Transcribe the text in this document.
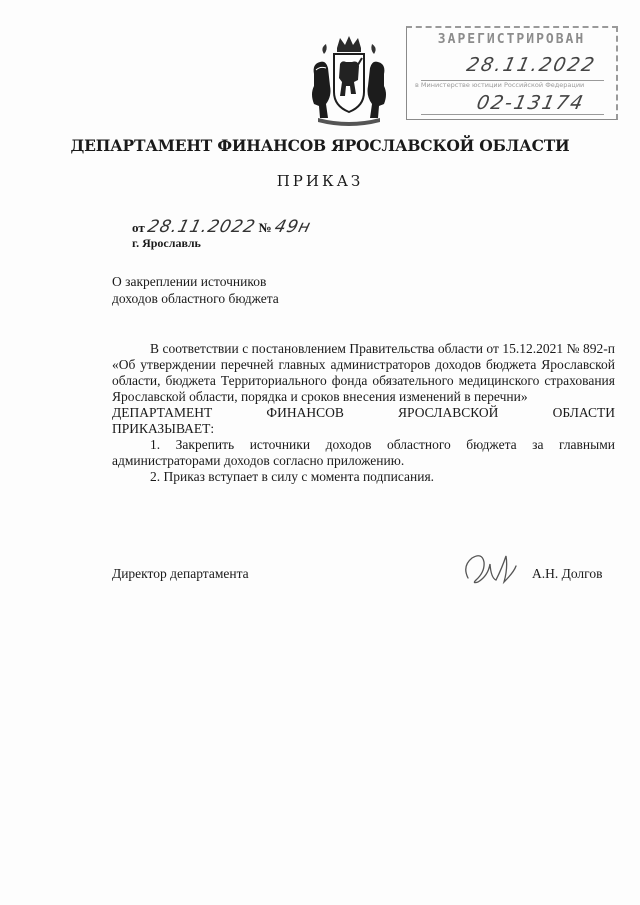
ЗАРЕГИСТРИРОВАН
28.11.2022
в Министерстве юстиции Российской Федерации
02-13174
ДЕПАРТАМЕНТ ФИНАНСОВ ЯРОСЛАВСКОЙ ОБЛАСТИ
ПРИКАЗ
от 28.11.2022 № 49н
г. Ярославль
О закреплении источников
доходов областного бюджета

В соответствии с постановлением Правительства области от 15.12.2021 № 892-п «Об утверждении перечней главных администраторов доходов бюджета Ярославской области, бюджета Территориального фонда обязательного медицинского страхования Ярославской области, порядка и сроков внесения изменений в перечни»

ДЕПАРТАМЕНТ	ФИНАНСОВ	ЯРОСЛАВСКОЙ	ОБЛАСТИ

ПРИКАЗЫВАЕТ:

1. Закрепить источники доходов областного бюджета за главными администраторами доходов согласно приложению.

2. Приказ вступает в силу с момента подписания.

Директор департамента	А.Н. Долгов
